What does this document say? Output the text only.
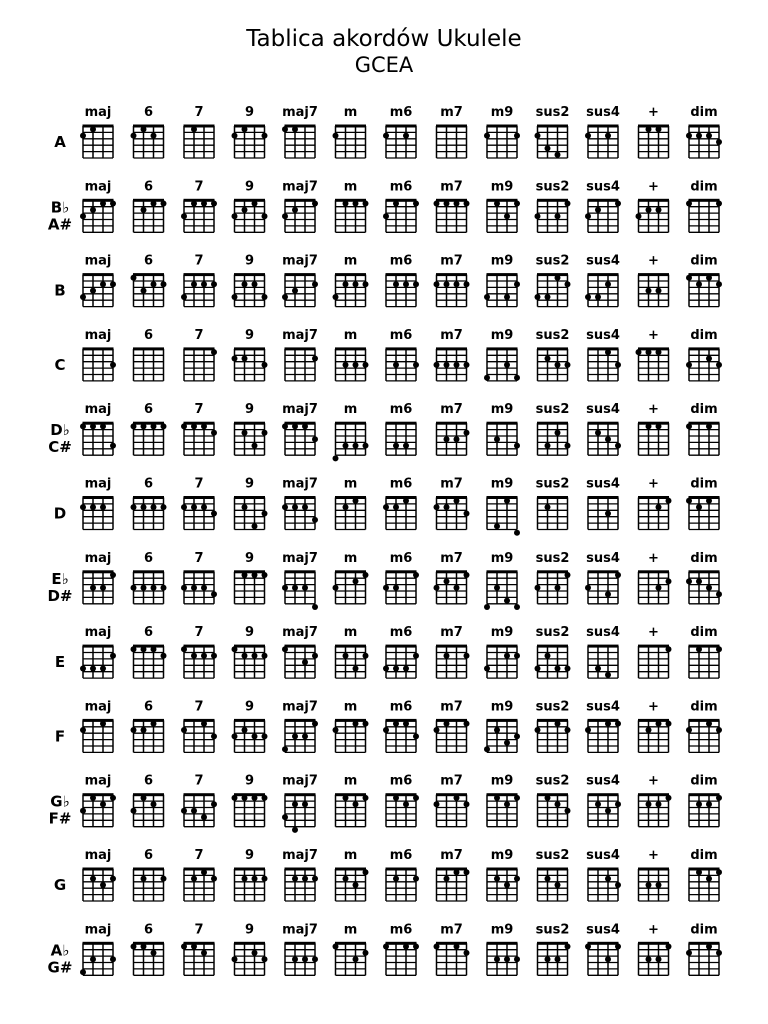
Tablica akordów Ukulele
GCEA
A
maj	6	7	9 maj7 m m6 m7 m9 sus2 sus4 + dim
B♭
A#
maj	6	7	9 maj7 m m6 m7 m9 sus2 sus4 + dim
B
maj	6	7	9 maj7 m m6 m7 m9 sus2 sus4 + dim
C
maj	6	7	9 maj7 m m6 m7 m9 sus2 sus4 + dim
D♭
C#
maj	6	7	9 maj7 m m6 m7 m9 sus2 sus4 + dim
D
maj	6	7	9 maj7 m m6 m7 m9 sus2 sus4 + dim
E♭
D#
maj	6	7	9 maj7 m m6 m7 m9 sus2 sus4 + dim
E
maj	6	7	9 maj7 m m6 m7 m9 sus2 sus4 + dim
F
maj	6	7	9 maj7 m m6 m7 m9 sus2 sus4 + dim
G♭
F#
maj	6	7	9 maj7 m m6 m7 m9 sus2 sus4 + dim
G
maj	6	7	9 maj7 m m6 m7 m9 sus2 sus4 + dim
A♭
G#
maj	6	7	9 maj7 m m6 m7 m9 sus2 sus4 + dim
